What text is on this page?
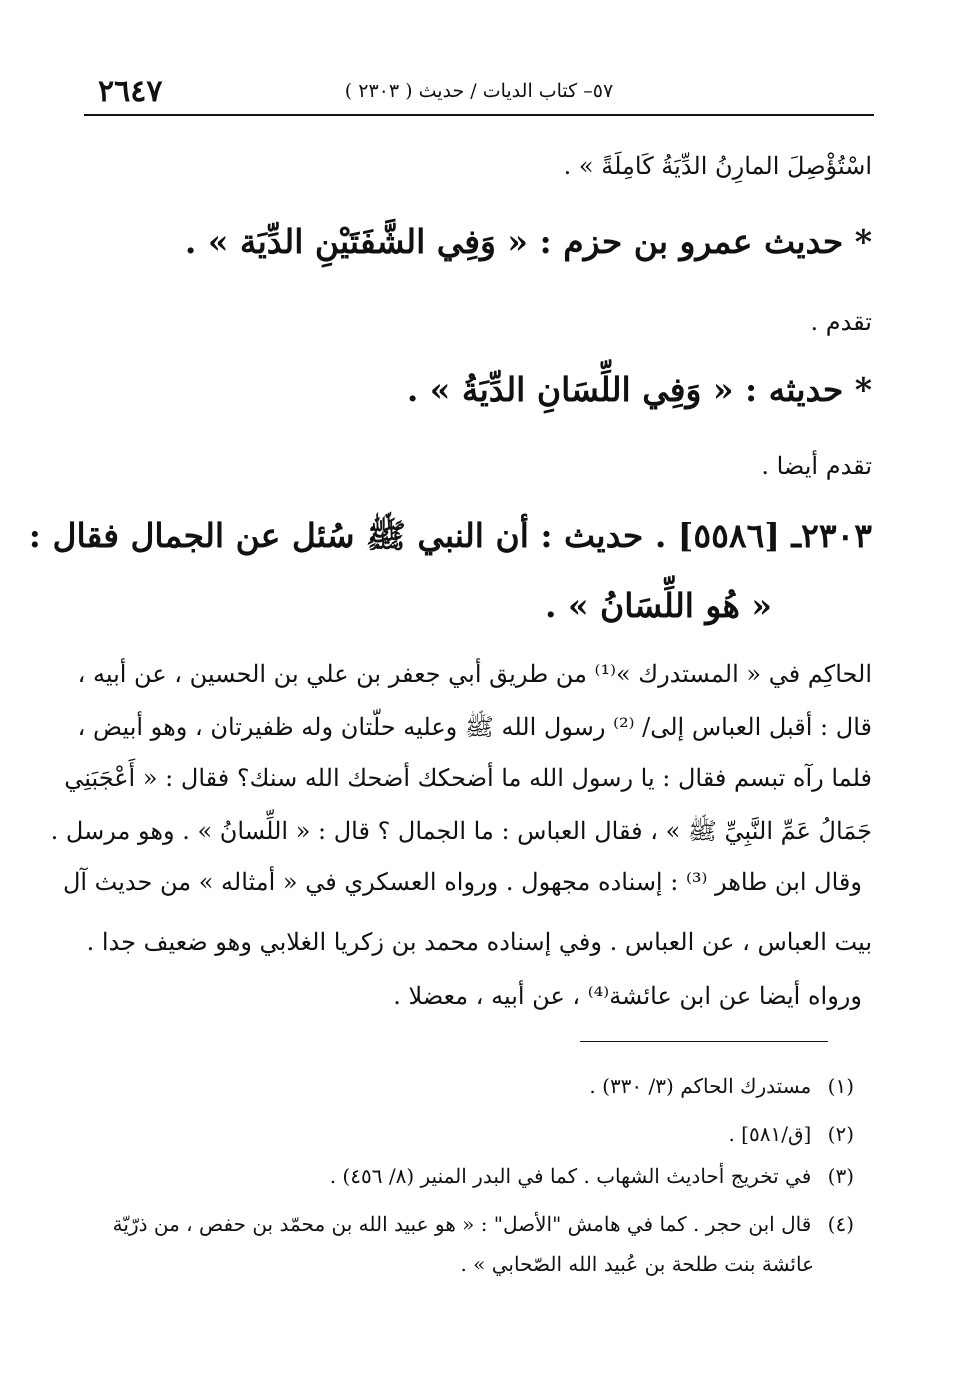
٢٦٤٧	٥٧– كتاب الديات / حديث ( ٢٣٠٣ )
اسْتُؤْصِلَ المارِنُ الدِّيَةُ كَامِلَةً » .
* حديث عمرو بن حزم : « وَفِي الشَّفَتَيْنِ الدِّيَة » .
تقدم .
* حديثه : « وَفِي اللِّسَانِ الدِّيَةُ » .
تقدم أيضا .
٢٣٠٣ـ [٥٥٨٦] . حديث : أن النبي ﷺ سُئل عن الجمال فقال :
« هُو اللِّسَانُ » .
الحاكِم في « المستدرك »⁽¹⁾ من طريق أبي جعفر بن علي بن الحسين ، عن أبيه ،
قال : أقبل العباس إلى/ ⁽²⁾ رسول الله ﷺ وعليه حلّتان وله ظفيرتان ، وهو أبيض ،
فلما رآه تبسم فقال : يا رسول الله ما أضحكك أضحك الله سنك؟ فقال : « أَعْجَبَنِي
جَمَالُ عَمِّ النَّبِيِّ ﷺ » ، فقال العباس : ما الجمال ؟ قال : « اللِّسانُ » . وهو مرسل .
وقال ابن طاهر ⁽³⁾ : إسناده مجهول . ورواه العسكري في « أمثاله » من حديث آل
بيت العباس ، عن العباس . وفي إسناده محمد بن زكريا الغلابي وهو ضعيف جدا .
ورواه أيضا عن ابن عائشة⁽⁴⁾ ، عن أبيه ، معضلا .
(١) مستدرك الحاكم (٣/ ٣٣٠) .
(٢) [ق/٥٨١] .
(٣) في تخريج أحاديث الشهاب . كما في البدر المنير (٨/ ٤٥٦) .
(٤) قال ابن حجر . كما في هامش "الأصل" : « هو عبيد الله بن محمّد بن حفص ، من ذرّيّة
عائشة بنت طلحة بن عُبيد الله الصّحابي » .
